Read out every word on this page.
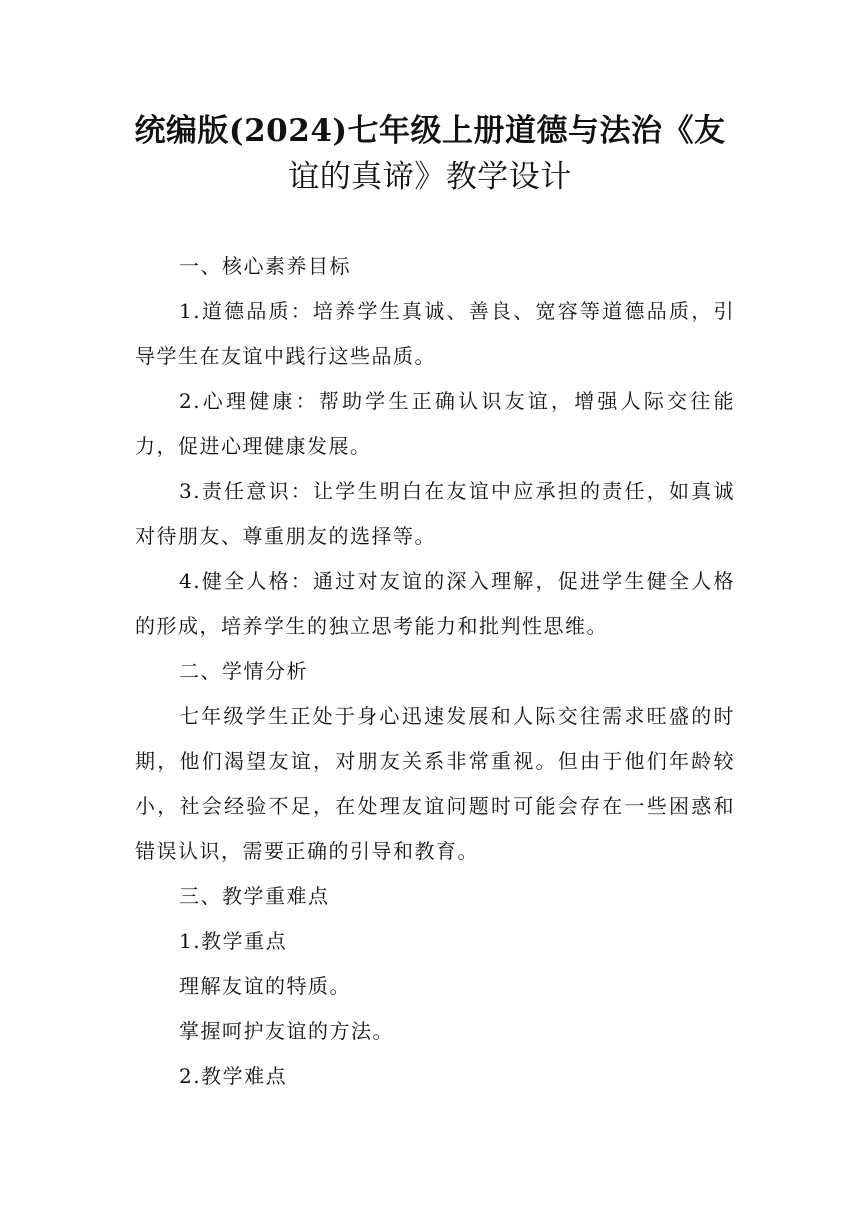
统编版(2024)七年级上册道德与法治《友
谊的真谛》教学设计

一、核心素养目标

1.道德品质：培养学生真诚、善良、宽容等道德品质，引导学生在友谊中践行这些品质。

2.心理健康：帮助学生正确认识友谊，增强人际交往能力，促进心理健康发展。

3.责任意识：让学生明白在友谊中应承担的责任，如真诚对待朋友、尊重朋友的选择等。

4.健全人格：通过对友谊的深入理解，促进学生健全人格的形成，培养学生的独立思考能力和批判性思维。

二、学情分析

七年级学生正处于身心迅速发展和人际交往需求旺盛的时期，他们渴望友谊，对朋友关系非常重视。但由于他们年龄较小，社会经验不足，在处理友谊问题时可能会存在一些困惑和错误认识，需要正确的引导和教育。

三、教学重难点

1.教学重点

理解友谊的特质。

掌握呵护友谊的方法。

2.教学难点
